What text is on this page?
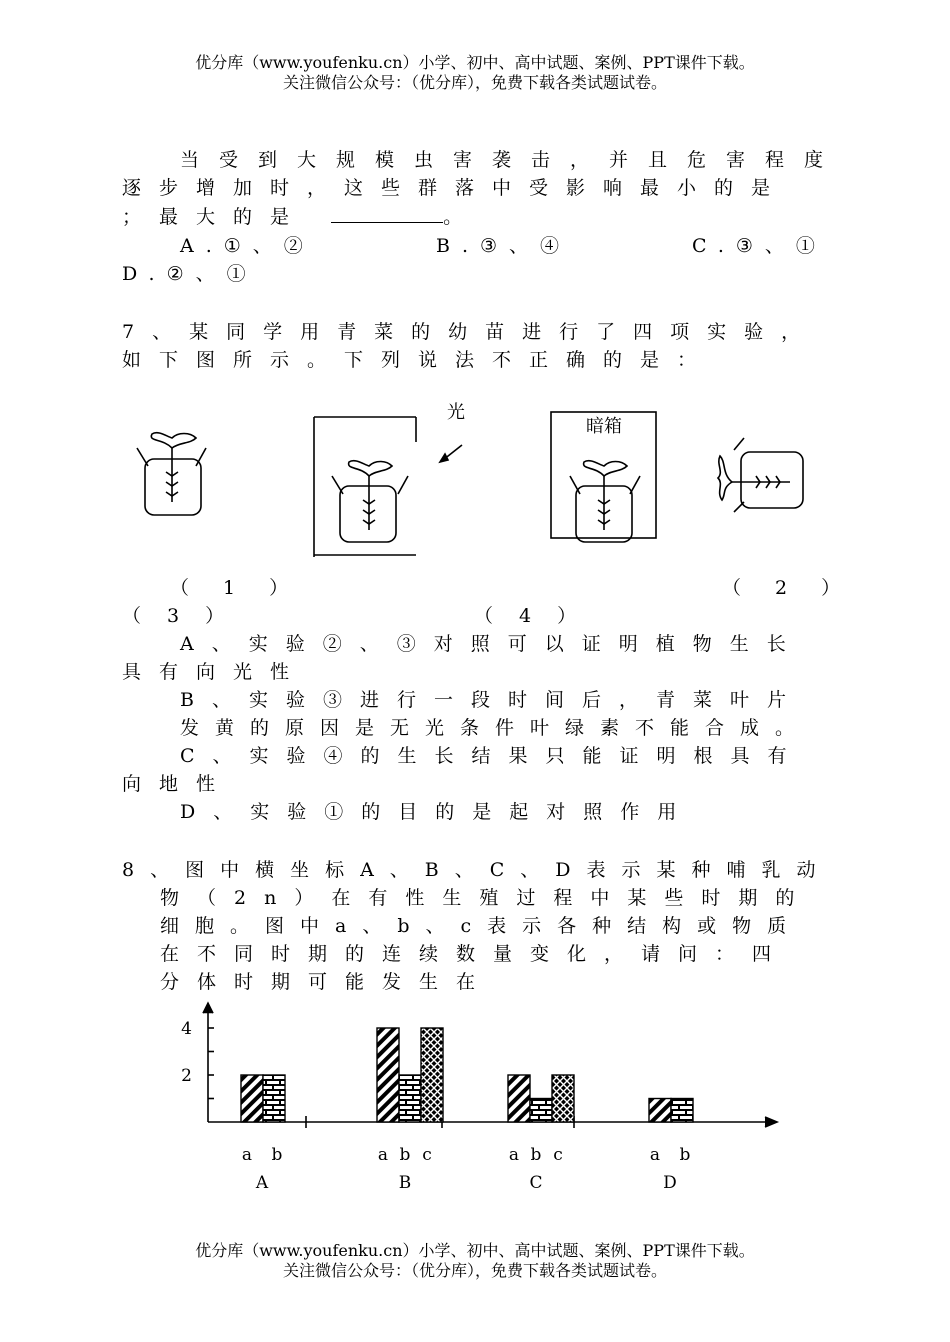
优分库（www.youfenku.cn）小学、初中、高中试题、案例、PPT课件下载。
关注微信公众号：（优分库），免费下载各类试题试卷。
当受到大规模虫害袭击，并且危害程度
逐步增加时，这些群落中受影响最小的是
；最大的是	。
A.①、②	B.③、④	C.③、①
D.②、①
7、某同学用青菜的幼苗进行了四项实验，
如下图所示。下列说法不正确的是：
光
暗箱
（ 1 ）	（ 2 ）
（ 3 ）	（ 4 ）
A、实验②、③对照可以证明植物生长
具有向光性
B、实验③进行一段时间后，青菜叶片
发黄的原因是无光条件叶绿素不能合成。
C、实验④的生长结果只能证明根具有
向地性
D、实验①的目的是起对照作用
8、图中横坐标A、B、C、D表示某种哺乳动
物（2n）在有性生殖过程中某些时期的
细胞。图中a、b、c表示各种结构或物质
在不同时期的连续数量变化，请问：四
分体时期可能发生在
2
4
a b
A
a b c
B
a b c
C
a b
D
优分库（www.youfenku.cn）小学、初中、高中试题、案例、PPT课件下载。
关注微信公众号：（优分库），免费下载各类试题试卷。
